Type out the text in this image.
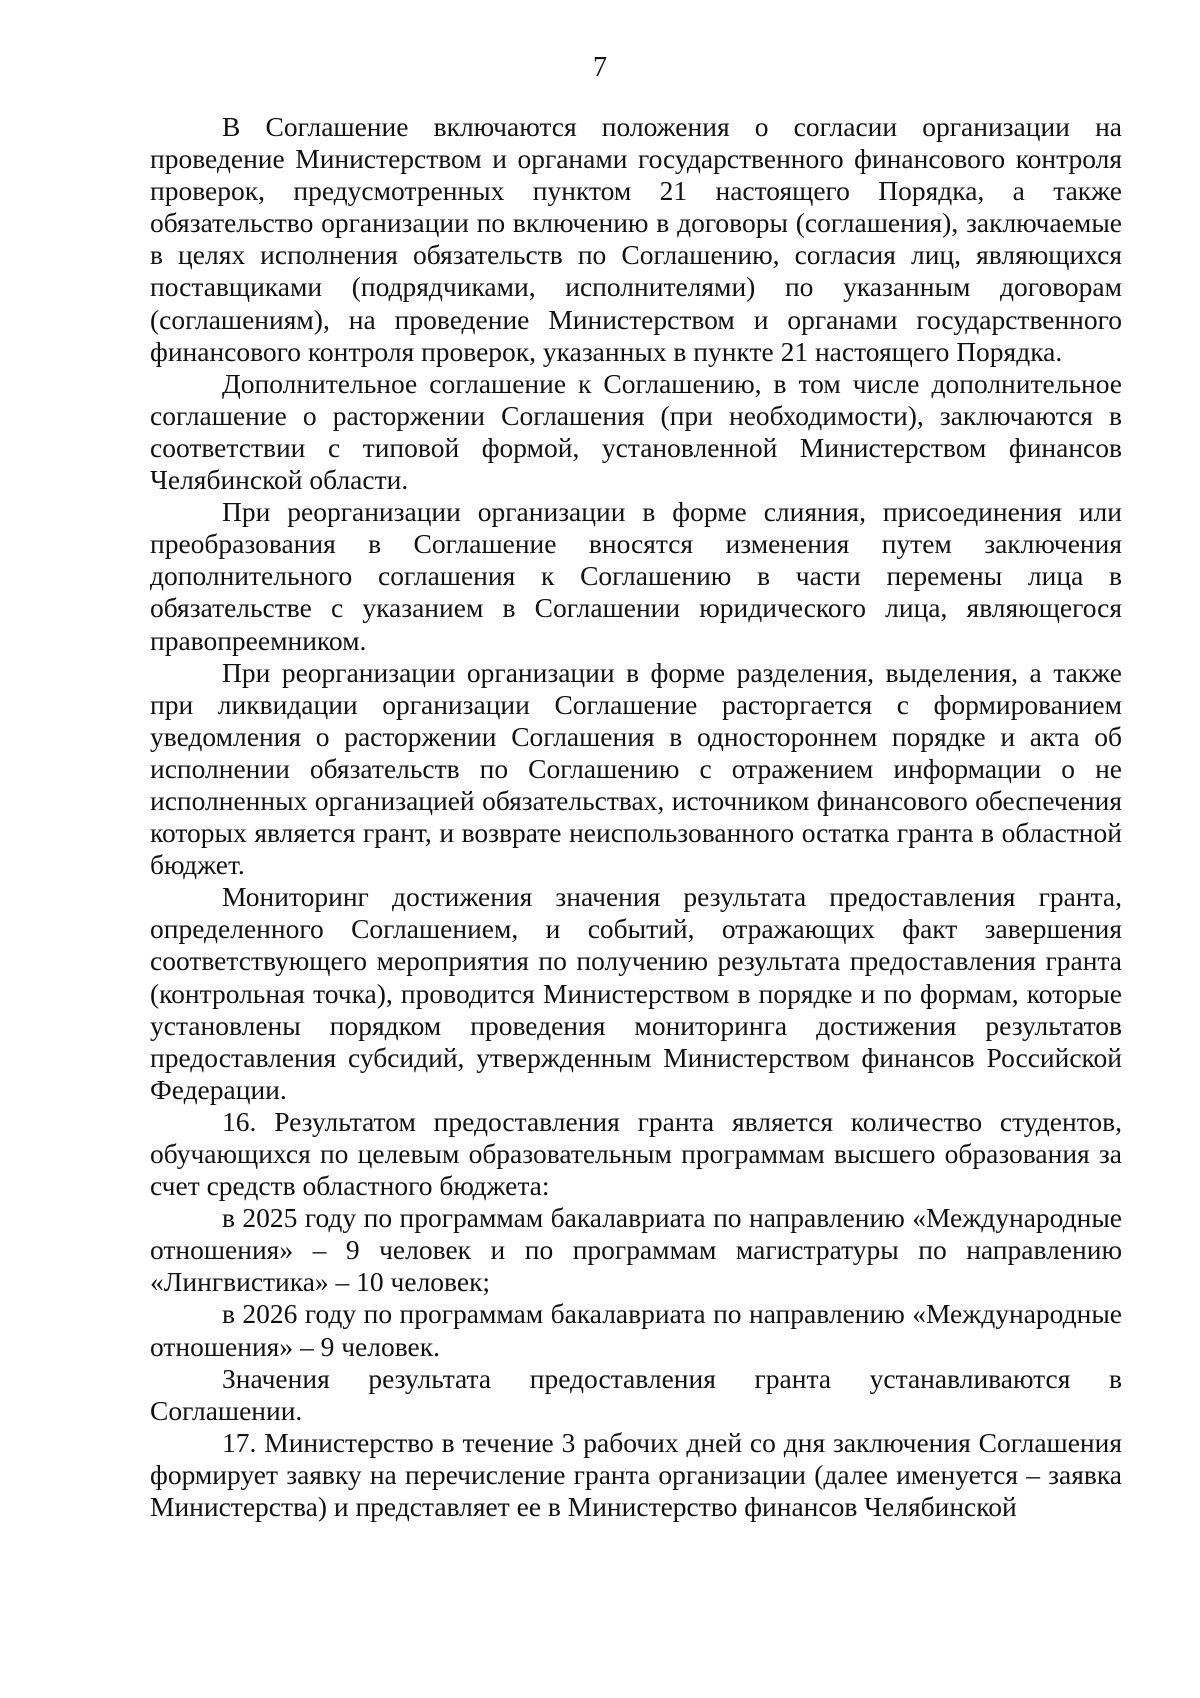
7

В Соглашение включаются положения о согласии организации на проведение Министерством и органами государственного финансового контроля проверок, предусмотренных пунктом 21 настоящего Порядка, а также обязательство организации по включению в договоры (соглашения), заключаемые в целях исполнения обязательств по Соглашению, согласия лиц, являющихся поставщиками (подрядчиками, исполнителями) по указанным договорам (соглашениям), на проведение Министерством и органами государственного финансового контроля проверок, указанных в пункте 21 настоящего Порядка.

Дополнительное соглашение к Соглашению, в том числе дополнительное соглашение о расторжении Соглашения (при необходимости), заключаются в соответствии с типовой формой, установленной Министерством финансов Челябинской области.

При реорганизации организации в форме слияния, присоединения или преобразования в Соглашение вносятся изменения путем заключения дополнительного соглашения к Соглашению в части перемены лица в обязательстве с указанием в Соглашении юридического лица, являющегося правопреемником.

При реорганизации организации в форме разделения, выделения, а также при ликвидации организации Соглашение расторгается с формированием уведомления о расторжении Соглашения в одностороннем порядке и акта об исполнении обязательств по Соглашению с отражением информации о не исполненных организацией обязательствах, источником финансового обеспечения которых является грант, и возврате неиспользованного остатка гранта в областной бюджет.

Мониторинг достижения значения результата предоставления гранта, определенного Соглашением, и событий, отражающих факт завершения соответствующего мероприятия по получению результата предоставления гранта (контрольная точка), проводится Министерством в порядке и по формам, которые установлены порядком проведения мониторинга достижения результатов предоставления субсидий, утвержденным Министерством финансов Российской Федерации.

16. Результатом предоставления гранта является количество студентов, обучающихся по целевым образовательным программам высшего образования за счет средств областного бюджета:

в 2025 году по программам бакалавриата по направлению «Международные отношения» – 9 человек и по программам магистратуры по направлению «Лингвистика» – 10 человек;

в 2026 году по программам бакалавриата по направлению «Международные отношения» – 9 человек.

Значения результата предоставления гранта устанавливаются в Соглашении.

17. Министерство в течение 3 рабочих дней со дня заключения Соглашения формирует заявку на перечисление гранта организации (далее именуется – заявка Министерства) и представляет ее в Министерство финансов Челябинской
